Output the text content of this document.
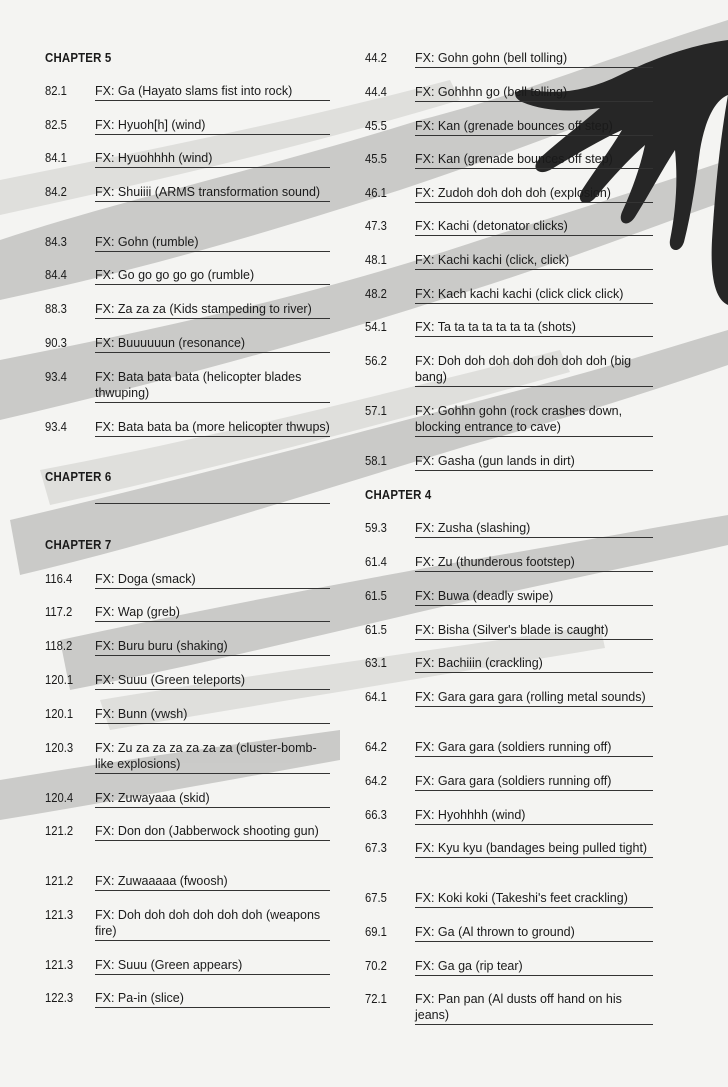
CHAPTER 5
82.1	FX: Ga (Hayato slams fist into rock)
82.5	FX: Hyuoh[h] (wind)
84.1	FX: Hyuohhhh (wind)
84.2	FX: Shuiiii (ARMS transformation sound)
84.3	FX: Gohn (rumble)
84.4	FX: Go go go go go (rumble)
88.3	FX: Za za za (Kids stampeding to river)
90.3	FX: Buuuuuun (resonance)
93.4	FX: Bata bata bata (helicopter blades thwuping)
93.4	FX: Bata bata ba (more helicopter thwups)
CHAPTER 6
CHAPTER 7
116.4	FX: Doga (smack)
117.2	FX: Wap (greb)
118.2	FX: Buru buru (shaking)
120.1	FX: Suuu (Green teleports)
120.1	FX: Bunn (vwsh)
120.3	FX: Zu za za za za za za (cluster-bomb-like explosions)
120.4	FX: Zuwayaaa (skid)
121.2	FX: Don don (Jabberwock shooting gun)
121.2	FX: Zuwaaaaa (fwoosh)
121.3	FX: Doh doh doh doh doh doh (weapons fire)
121.3	FX: Suuu (Green appears)
122.3	FX: Pa-in (slice)
44.2	FX: Gohn gohn (bell tolling)
44.4	FX: Gohhhn go (bell tolling)
45.5	FX: Kan (grenade bounces off step)
45.5	FX: Kan (grenade bounces off step)
46.1	FX: Zudoh doh doh doh (explosion)
47.3	FX: Kachi (detonator clicks)
48.1	FX: Kachi kachi (click, click)
48.2	FX: Kach kachi kachi (click click click)
54.1	FX: Ta ta ta ta ta ta ta (shots)
56.2	FX: Doh doh doh doh doh doh doh (big bang)
57.1	FX: Gohhn gohn (rock crashes down, blocking entrance to cave)
58.1	FX: Gasha (gun lands in dirt)
CHAPTER 4
59.3	FX: Zusha (slashing)
61.4	FX: Zu (thunderous footstep)
61.5	FX: Buwa (deadly swipe)
61.5	FX: Bisha (Silver's blade is caught)
63.1	FX: Bachiiin (crackling)
64.1	FX: Gara gara gara (rolling metal sounds)
64.2	FX: Gara gara (soldiers running off)
64.2	FX: Gara gara (soldiers running off)
66.3	FX: Hyohhhh (wind)
67.3	FX: Kyu kyu (bandages being pulled tight)
67.5	FX: Koki koki (Takeshi's feet crackling)
69.1	FX: Ga (Al thrown to ground)
70.2	FX: Ga ga (rip tear)
72.1	FX: Pan pan (Al dusts off hand on his jeans)
